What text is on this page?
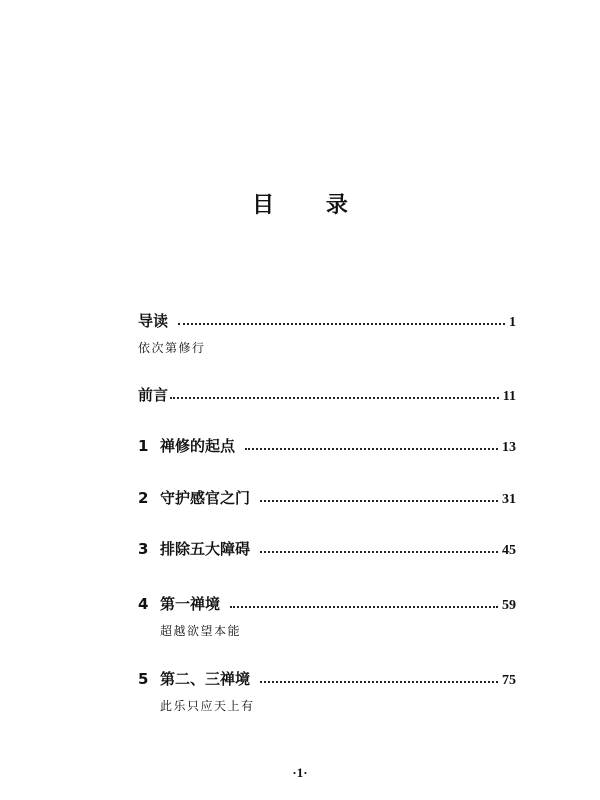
目 录
导读	1
依次第修行
前言	11
1 禅修的起点	13
2 守护感官之门	31
3 排除五大障碍	45
4 第一禅境	59
超越欲望本能
5 第二、三禅境	75
此乐只应天上有
·1·
